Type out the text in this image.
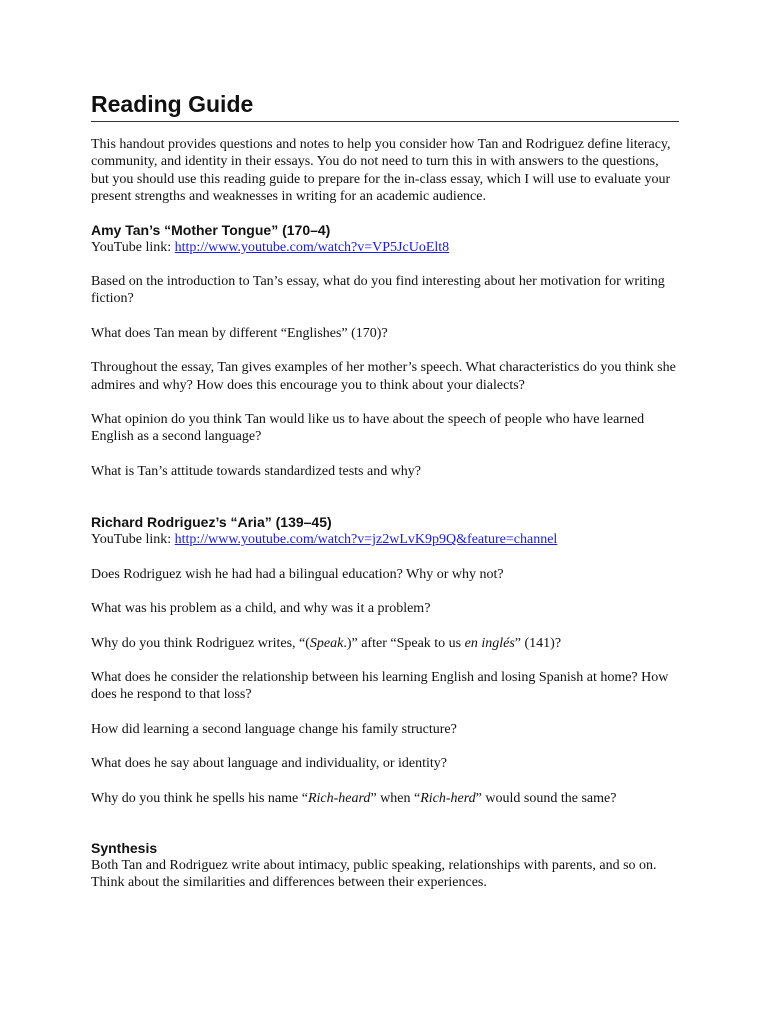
Reading Guide

This handout provides questions and notes to help you consider how Tan and Rodriguez define literacy, community, and identity in their essays. You do not need to turn this in with answers to the questions, but you should use this reading guide to prepare for the in-class essay, which I will use to evaluate your present strengths and weaknesses in writing for an academic audience.

Amy Tan’s “Mother Tongue” (170–4)

YouTube link: http://www.youtube.com/watch?v=VP5JcUoElt8

Based on the introduction to Tan’s essay, what do you find interesting about her motivation for writing fiction?

What does Tan mean by different “Englishes” (170)?

Throughout the essay, Tan gives examples of her mother’s speech. What characteristics do you think she admires and why? How does this encourage you to think about your dialects?

What opinion do you think Tan would like us to have about the speech of people who have learned English as a second language?

What is Tan’s attitude towards standardized tests and why?

Richard Rodriguez’s “Aria” (139–45)

YouTube link: http://www.youtube.com/watch?v=jz2wLvK9p9Q&feature=channel

Does Rodriguez wish he had had a bilingual education? Why or why not?

What was his problem as a child, and why was it a problem?

Why do you think Rodriguez writes, “(Speak.)” after “Speak to us en inglés” (141)?

What does he consider the relationship between his learning English and losing Spanish at home? How does he respond to that loss?

How did learning a second language change his family structure?

What does he say about language and individuality, or identity?

Why do you think he spells his name “Rich-heard” when “Rich-herd” would sound the same?

Synthesis

Both Tan and Rodriguez write about intimacy, public speaking, relationships with parents, and so on. Think about the similarities and differences between their experiences.
